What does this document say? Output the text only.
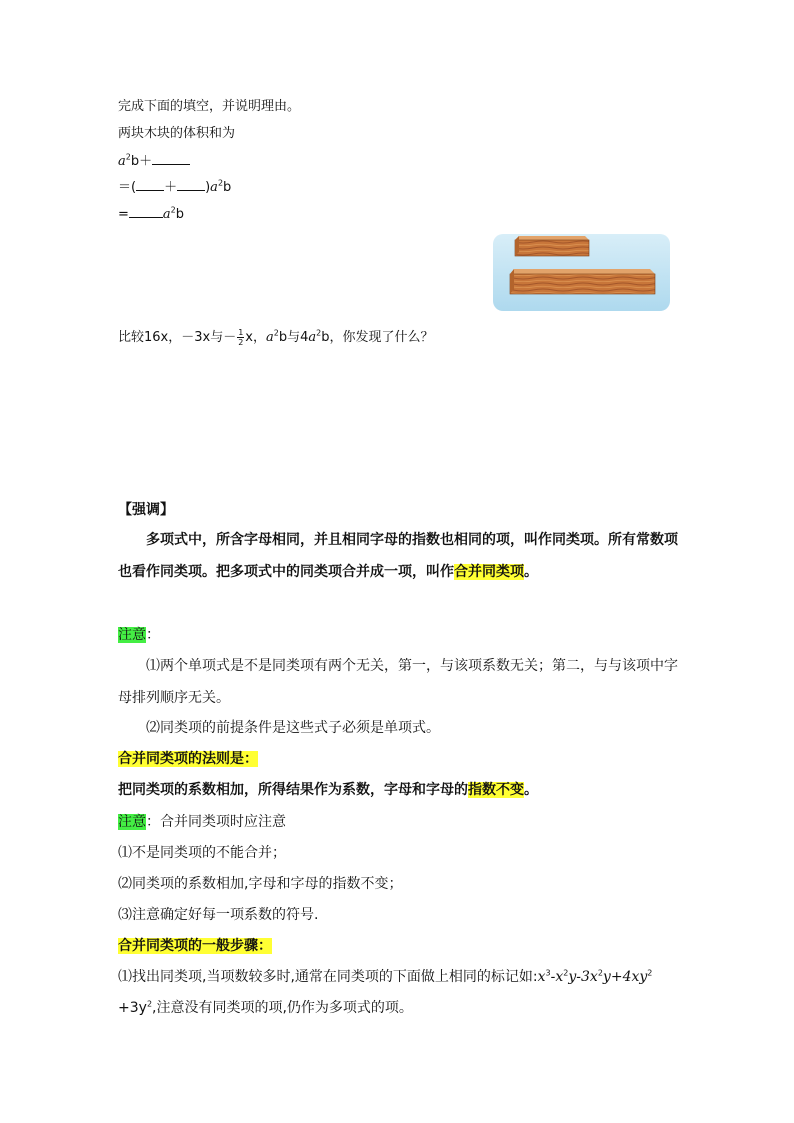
完成下面的填空，并说明理由。
两块木块的体积和为
$a^2b+$
＝( ＋ )$a^2b$
=	$a^2b$
比较16x，－3x与－ $\frac{1}{2}$ x，$a^2b$与$4a^2b$，你发现了什么？
【强调】
多项式中，所含字母相同，并且相同字母的指数也相同的项，叫作同类项。所有常数项也看作同类项。把多项式中的同类项合并成一项，叫作合并同类项。
注意：
⑴两个单项式是不是同类项有两个无关，第一，与该项系数无关；第二，与与该项中字母排列顺序无关。
⑵同类项的前提条件是这些式子必须是单项式。
合并同类项的法则是：
把同类项的系数相加，所得结果作为系数，字母和字母的指数不变。
注意：合并同类项时应注意
⑴不是同类项的不能合并；
⑵同类项的系数相加,字母和字母的指数不变；
⑶注意确定好每一项系数的符号.
合并同类项的一般步骤：
⑴找出同类项,当项数较多时,通常在同类项的下面做上相同的标记如$:x^3-x^2y-3x^2y+4xy^2$
$+3y^2$,注意没有同类项的项,仍作为多项式的项。
